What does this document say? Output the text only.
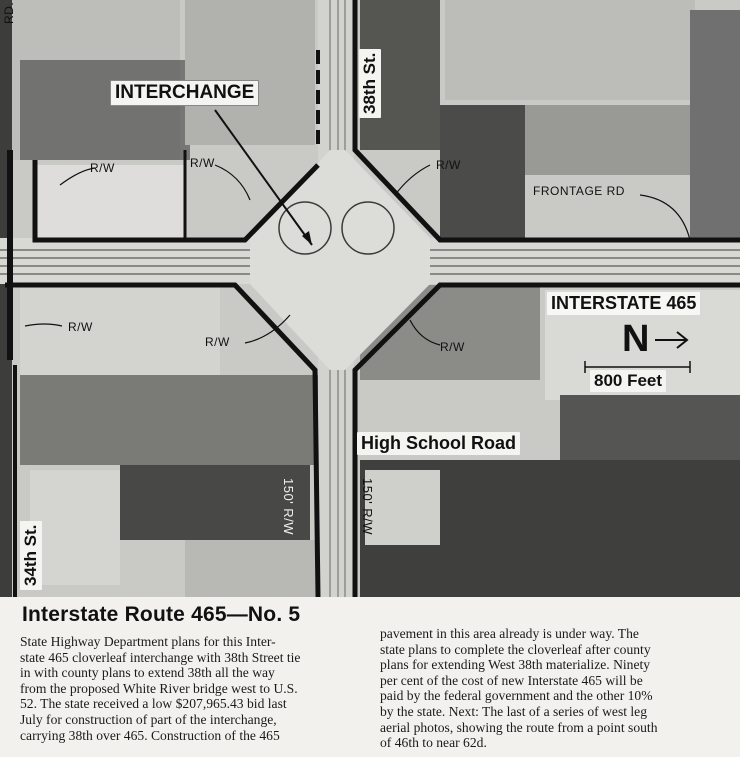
INTERCHANGE	38th St.
34th St.
R/W	R/W	R/W
R/W
R/W	R/W
FRONTAGE RD
RD.
INTERSTATE 465
N
800 Feet
High School Road
150' R/W	150' R/W
Interstate Route 465—No. 5
State Highway Department plans for this Inter-
state 465 cloverleaf interchange with 38th Street tie
in with county plans to extend 38th all the way
from the proposed White River bridge west to U.S.
52. The state received a low $207,965.43 bid last
July for construction of part of the interchange,
carrying 38th over 465. Construction of the 465
pavement in this area already is under way. The
state plans to complete the cloverleaf after county
plans for extending West 38th materialize. Ninety
per cent of the cost of new Interstate 465 will be
paid by the federal government and the other 10%
by the state. Next: The last of a series of west leg
aerial photos, showing the route from a point south
of 46th to near 62d.
